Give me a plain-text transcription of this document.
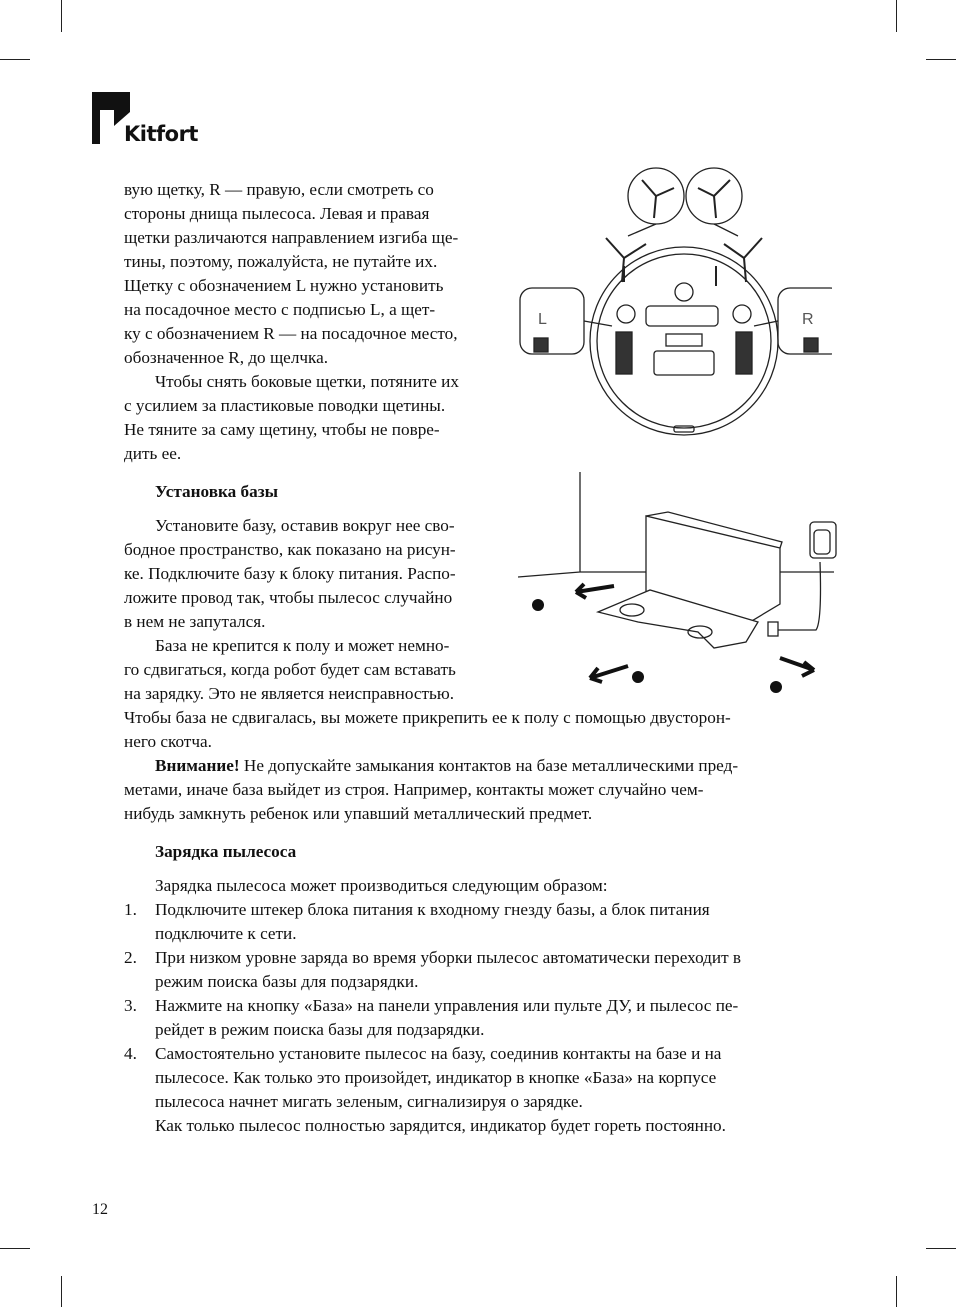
Kitfort

вую щетку, R — правую, если смотреть со

стороны днища пылесоса. Левая и правая

щетки различаются направлением изгиба ще-

тины, поэтому, пожалуйста, не путайте их.

Щетку с обозначением L нужно установить

на посадочное место с подписью L, а щет-

ку с обозначением R — на посадочное место,

обозначенное R, до щелчка.

Чтобы снять боковые щетки, потяните их

с усилием за пластиковые поводки щетины.

Не тяните за саму щетину, чтобы не повре-

дить ее.

L	R
Установка базы

Установите базу, оставив вокруг нее сво-

бодное пространство, как показано на рисун-

ке. Подключите базу к блоку питания. Распо-

ложите провод так, чтобы пылесос случайно

в нем не запутался.

База не крепится к полу и может немно-

го сдвигаться, когда робот будет сам вставать

на зарядку. Это не является неисправностью.

Чтобы база не сдвигалась, вы можете прикрепить ее к полу с помощью двусторон-

него скотча.

Внимание! Не допускайте замыкания контактов на базе металлическими пред-

метами, иначе база выйдет из строя. Например, контакты может случайно чем-

нибудь замкнуть ребенок или упавший металлический предмет.

Зарядка пылесоса
Зарядка пылесоса может производиться следующим образом:
1. Подключите штекер блока питания к входному гнезду базы, а блок питания
подключите к сети.
2. При низком уровне заряда во время уборки пылесос автоматически переходит в
режим поиска базы для подзарядки.
3. Нажмите на кнопку «База» на панели управления или пульте ДУ, и пылесос пе-
рейдет в режим поиска базы для подзарядки.
4. Самостоятельно установите пылесос на базу, соединив контакты на базе и на
пылесосе. Как только это произойдет, индикатор в кнопке «База» на корпусе
пылесоса начнет мигать зеленым, сигнализируя о зарядке.
Как только пылесос полностью зарядится, индикатор будет гореть постоянно.
12
